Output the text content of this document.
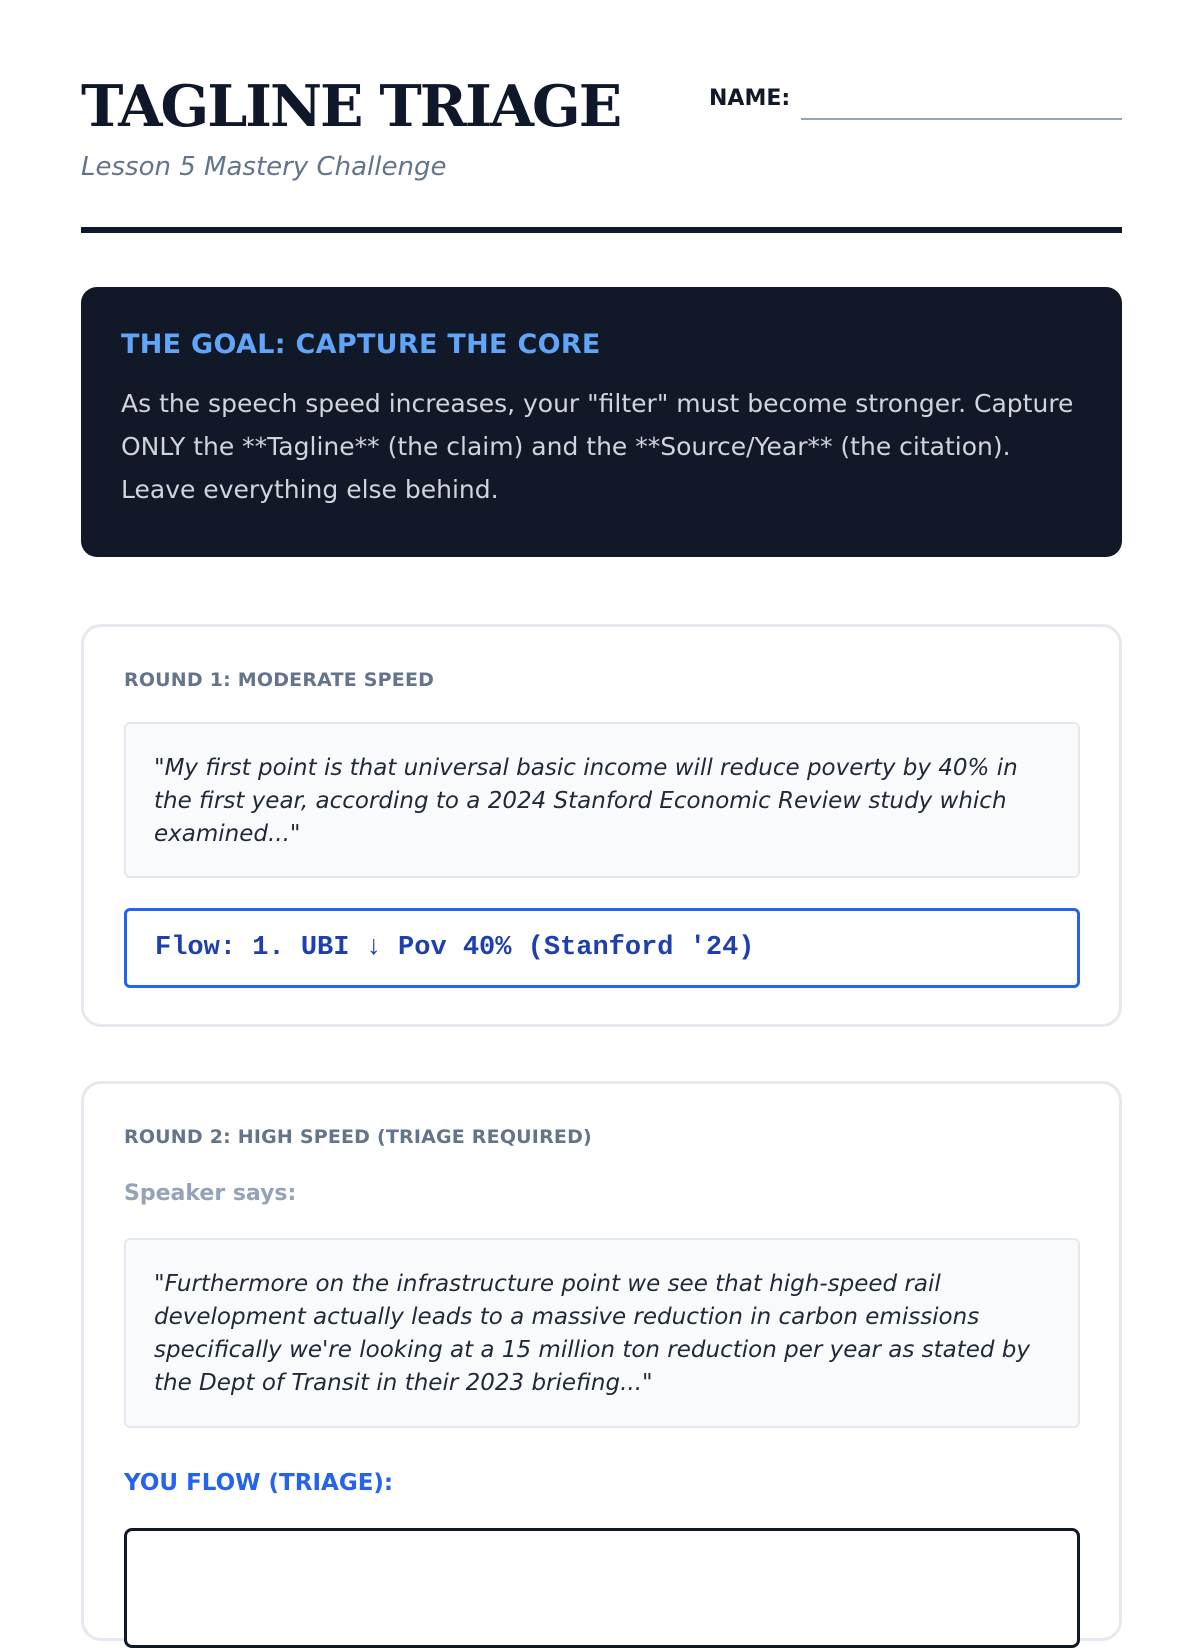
TAGLINE TRIAGE

Lesson 5 Mastery Challenge

NAME:
THE GOAL: CAPTURE THE CORE

As the speech speed increases, your "filter" must become stronger. Capture ONLY the **Tagline** (the claim) and the **Source/Year** (the citation). Leave everything else behind.

ROUND 1: MODERATE SPEED
"My first point is that universal basic income will reduce poverty by 40% in the first year, according to a 2024 Stanford Economic Review study which examined..."
Flow: 1. UBI ↓ Pov 40% (Stanford '24)
ROUND 2: HIGH SPEED (TRIAGE REQUIRED)
Speaker says:
"Furthermore on the infrastructure point we see that high-speed rail development actually leads to a massive reduction in carbon emissions specifically we're looking at a 15 million ton reduction per year as stated by the Dept of Transit in their 2023 briefing..."
YOU FLOW (TRIAGE):
